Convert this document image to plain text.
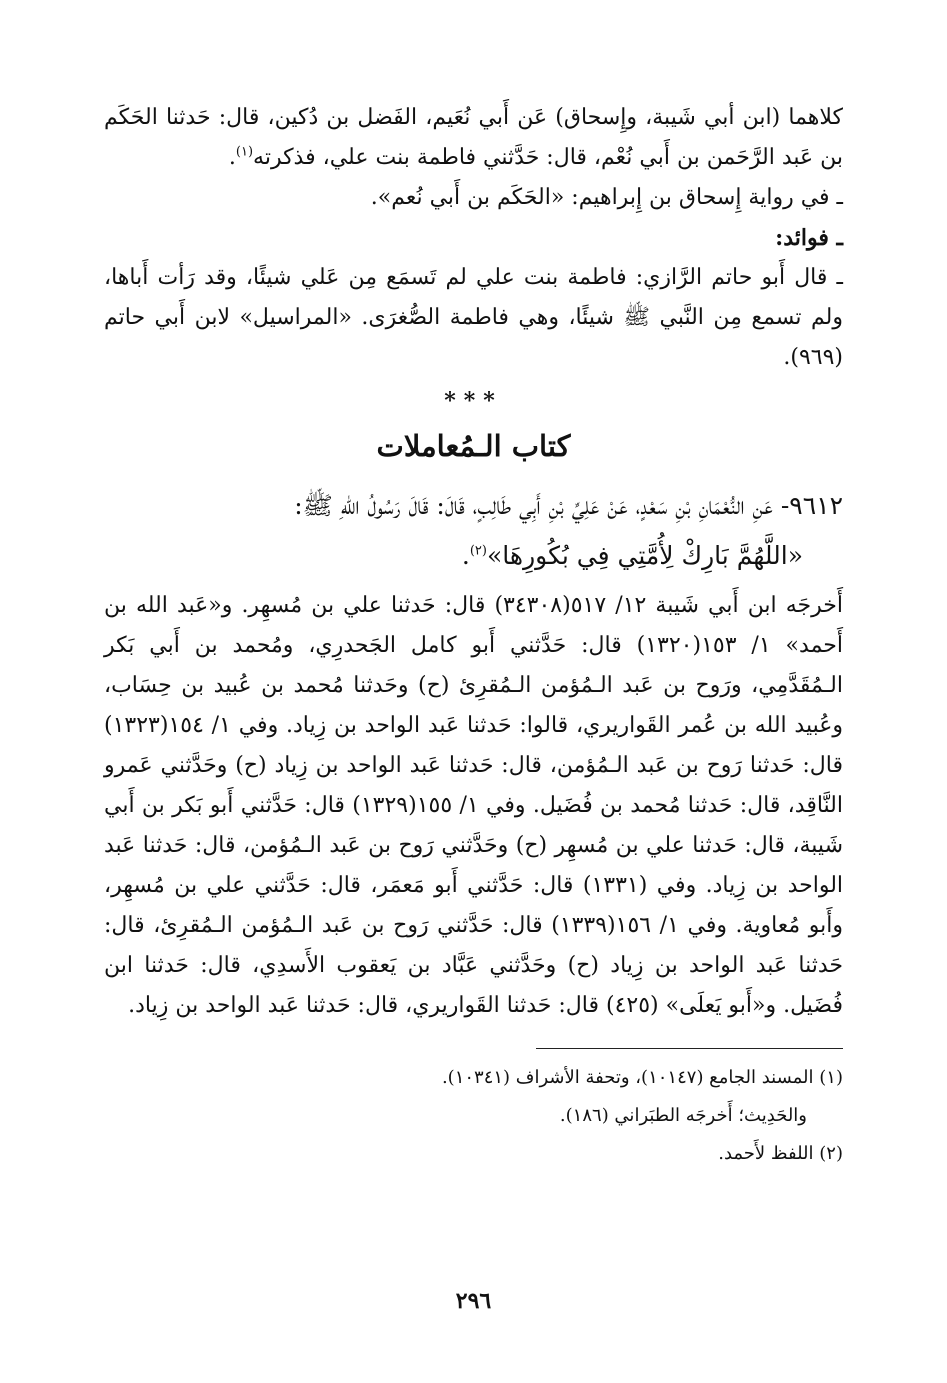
كلاهما (ابن أبي شَيبة، وإِسحاق) عَن أَبي نُعَيم، الفَضل بن دُكين، قال: حَدثنا الحَكَم بن عَبد الرَّحَمن بن أَبي نُعْم، قال: حَدَّثني فاطمة بنت علي، فذكرته$^{(١)}$.

ـ في رواية إِسحاق بن إِبراهيم: «الحَكَم بن أَبي نُعم».

ـ فوائد:

ـ قال أَبو حاتم الرَّازي: فاطمة بنت علي لم تَسمَع مِن عَلي شيئًا، وقد رَأت أَباها، ولم تسمع مِن النَّبي ﷺ شيئًا، وهي فاطمة الصُّغرَى. «المراسيل» لابن أَبي حاتم (٩٦٩).

***
كتاب الـمُعاملات

٩٦١٢- عَنِ النُّعْمَانِ بْنِ سَعْدٍ، عَنْ عَلِيِّ بْنِ أَبِي طَالِبٍ، قَالَ: قَالَ رَسُولُ اللهِ ﷺ:

«اللَّهُمَّ بَارِكْ لِأُمَّتِي فِي بُكُورِهَا»$^{(٢)}$.

أَخرجَه ابن أَبي شَيبة ١٢/ ٥١٧(٣٤٣٠٨) قال: حَدثنا علي بن مُسهِر. و«عَبد الله بن أَحمد» ١/ ١٥٣(١٣٢٠) قال: حَدَّثني أَبو كامل الجَحدرِي، ومُحمد بن أَبي بَكر الـمُقَدَّمِي، ورَوح بن عَبد الـمُؤمن الـمُقرِئ (ح) وحَدثنا مُحمد بن عُبيد بن حِسَاب، وعُبيد الله بن عُمر القَواريري، قالوا: حَدثنا عَبد الواحد بن زِياد. وفي ١/ ١٥٤(١٣٢٣) قال: حَدثنا رَوح بن عَبد الـمُؤمن، قال: حَدثنا عَبد الواحد بن زِياد (ح) وحَدَّثني عَمرو النَّاقِد، قال: حَدثنا مُحمد بن فُضَيل. وفي ١/ ١٥٥(١٣٢٩) قال: حَدَّثني أَبو بَكر بن أَبي شَيبة، قال: حَدثنا علي بن مُسهِر (ح) وحَدَّثني رَوح بن عَبد الـمُؤمن، قال: حَدثنا عَبد الواحد بن زِياد. وفي (١٣٣١) قال: حَدَّثني أَبو مَعمَر، قال: حَدَّثني علي بن مُسهِر، وأَبو مُعاوية. وفي ١/ ١٥٦(١٣٣٩) قال: حَدَّثني رَوح بن عَبد الـمُؤمن الـمُقرِئ، قال: حَدثنا عَبد الواحد بن زِياد (ح) وحَدَّثني عَبَّاد بن يَعقوب الأَسدِي، قال: حَدثنا ابن فُضَيل. و«أَبو يَعلَى» (٤٢٥) قال: حَدثنا القَواريري، قال: حَدثنا عَبد الواحد بن زِياد.

(١) المسند الجامع (١٠١٤٧)، وتحفة الأشراف (١٠٣٤١).

والحَدِيث؛ أَخرجَه الطبَراني (١٨٦).

(٢) اللفظ لأَحمد.

٢٩٦
